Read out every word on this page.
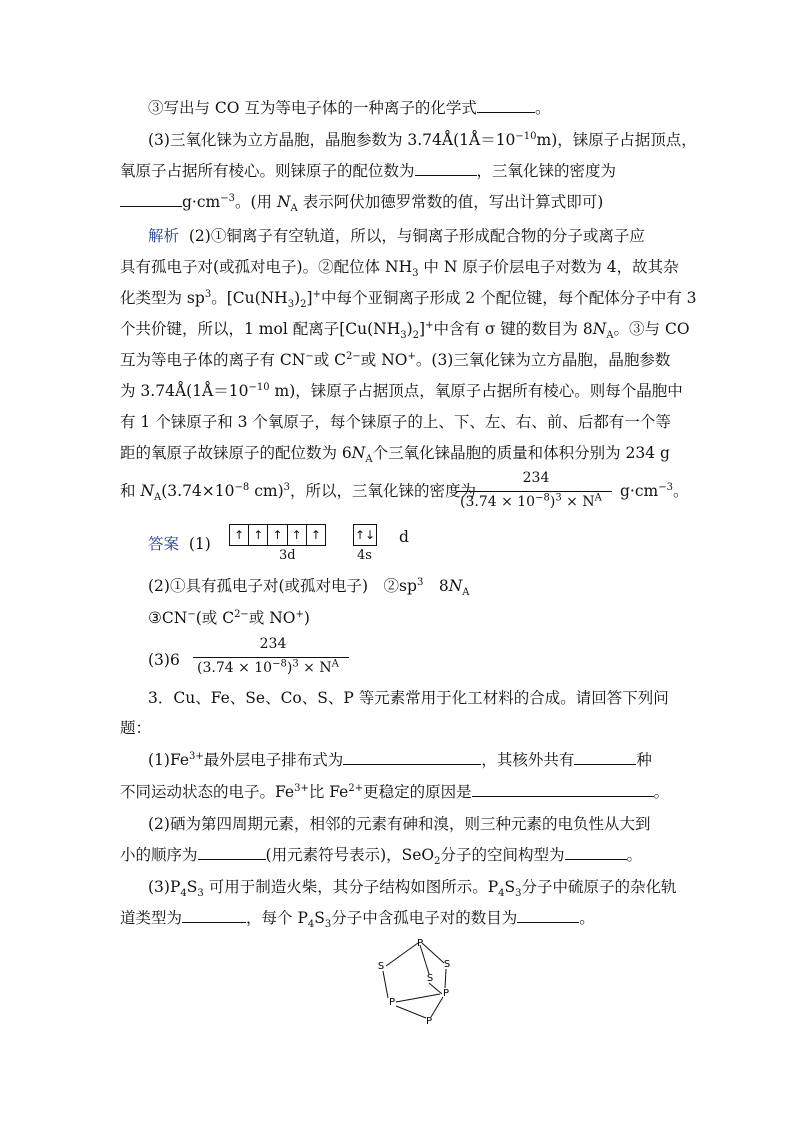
③写出与 CO 互为等电子体的一种离子的化学式	。
(3)三氧化铼为立方晶胞，晶胞参数为 $3.74Å(1Å=10^{-10}m)$，铼原子占据顶点，
氧原子占据所有棱心。则铼原子的配位数为	，三氧化铼的密度为
$g\cdot cm^{-3}$。(用 $N_A$ 表示阿伏加德罗常数的值，写出计算式即可)
解析 (2)①铜离子有空轨道，所以，与铜离子形成配合物的分子或离子应
具有孤电子对(或孤对电子)。②配位体 $NH_3$ 中 N 原子价层电子对数为 4，故其杂
化类型为 $sp^3$。$[Cu(NH_3)_2]^+$中每个亚铜离子形成 2 个配位键，每个配体分子中有 3
个共价键，所以，1 mol 配离子$[Cu(NH_3)_2]^+$中含有 σ 键的数目为 $8N_A$。③与 CO
互为等电子体的离子有 CN−或 $C^{2-}$或 NO+。(3)三氧化铼为立方晶胞，晶胞参数
为 $3.74Å(1Å=10^{-10}$ m)，铼原子占据顶点，氧原子占据所有棱心。则每个晶胞中
有 1 个铼原子和 3 个氧原子，每个铼原子的上、下、左、右、前、后都有一个等
距的氧原子故铼原子的配位数为 $6N_A$个三氧化铼晶胞的质量和体积分别为 234 g
和 $N_A(3.74\times 10^{-8}$ cm)$^3$，所以，三氧化铼的密度为
234
$(3.74 \times 10^{-8})^3 \times N^A$ $g\cdot cm^{-3}$。
答案 (1)	↑ ↑ ↑ ↑ ↑	↑↓
3d	4s
d
(2)①具有孤电子对(或孤对电子)　$②sp^3$　$8N_A$
③CN−(或 $C^{2-}$或 NO+)
(3)6
234
$(3.74 \times 10^{-8})^3 \times N^A$
3．Cu、Fe、Se、Co、S、P 等元素常用于化工材料的合成。请回答下列问
题：
$(1)Fe^{3+}$最外层电子排布式为	，其核外共有	种
不同运动状态的电子。$Fe^{3+}$比 $Fe^{2+}$更稳定的原因是	。
(2)硒为第四周期元素，相邻的元素有砷和溴，则三种元素的电负性从大到
小的顺序为	(用元素符号表示)，SeO$_2$分子的空间构型为	。
$(3)P_4S_3$ 可用于制造火柴，其分子结构如图所示。$P_4S_3$分子中硫原子的杂化轨
道类型为	，每个 $P_4S_3$分子中含孤电子对的数目为	。
P
S	S
S
P
P
P
